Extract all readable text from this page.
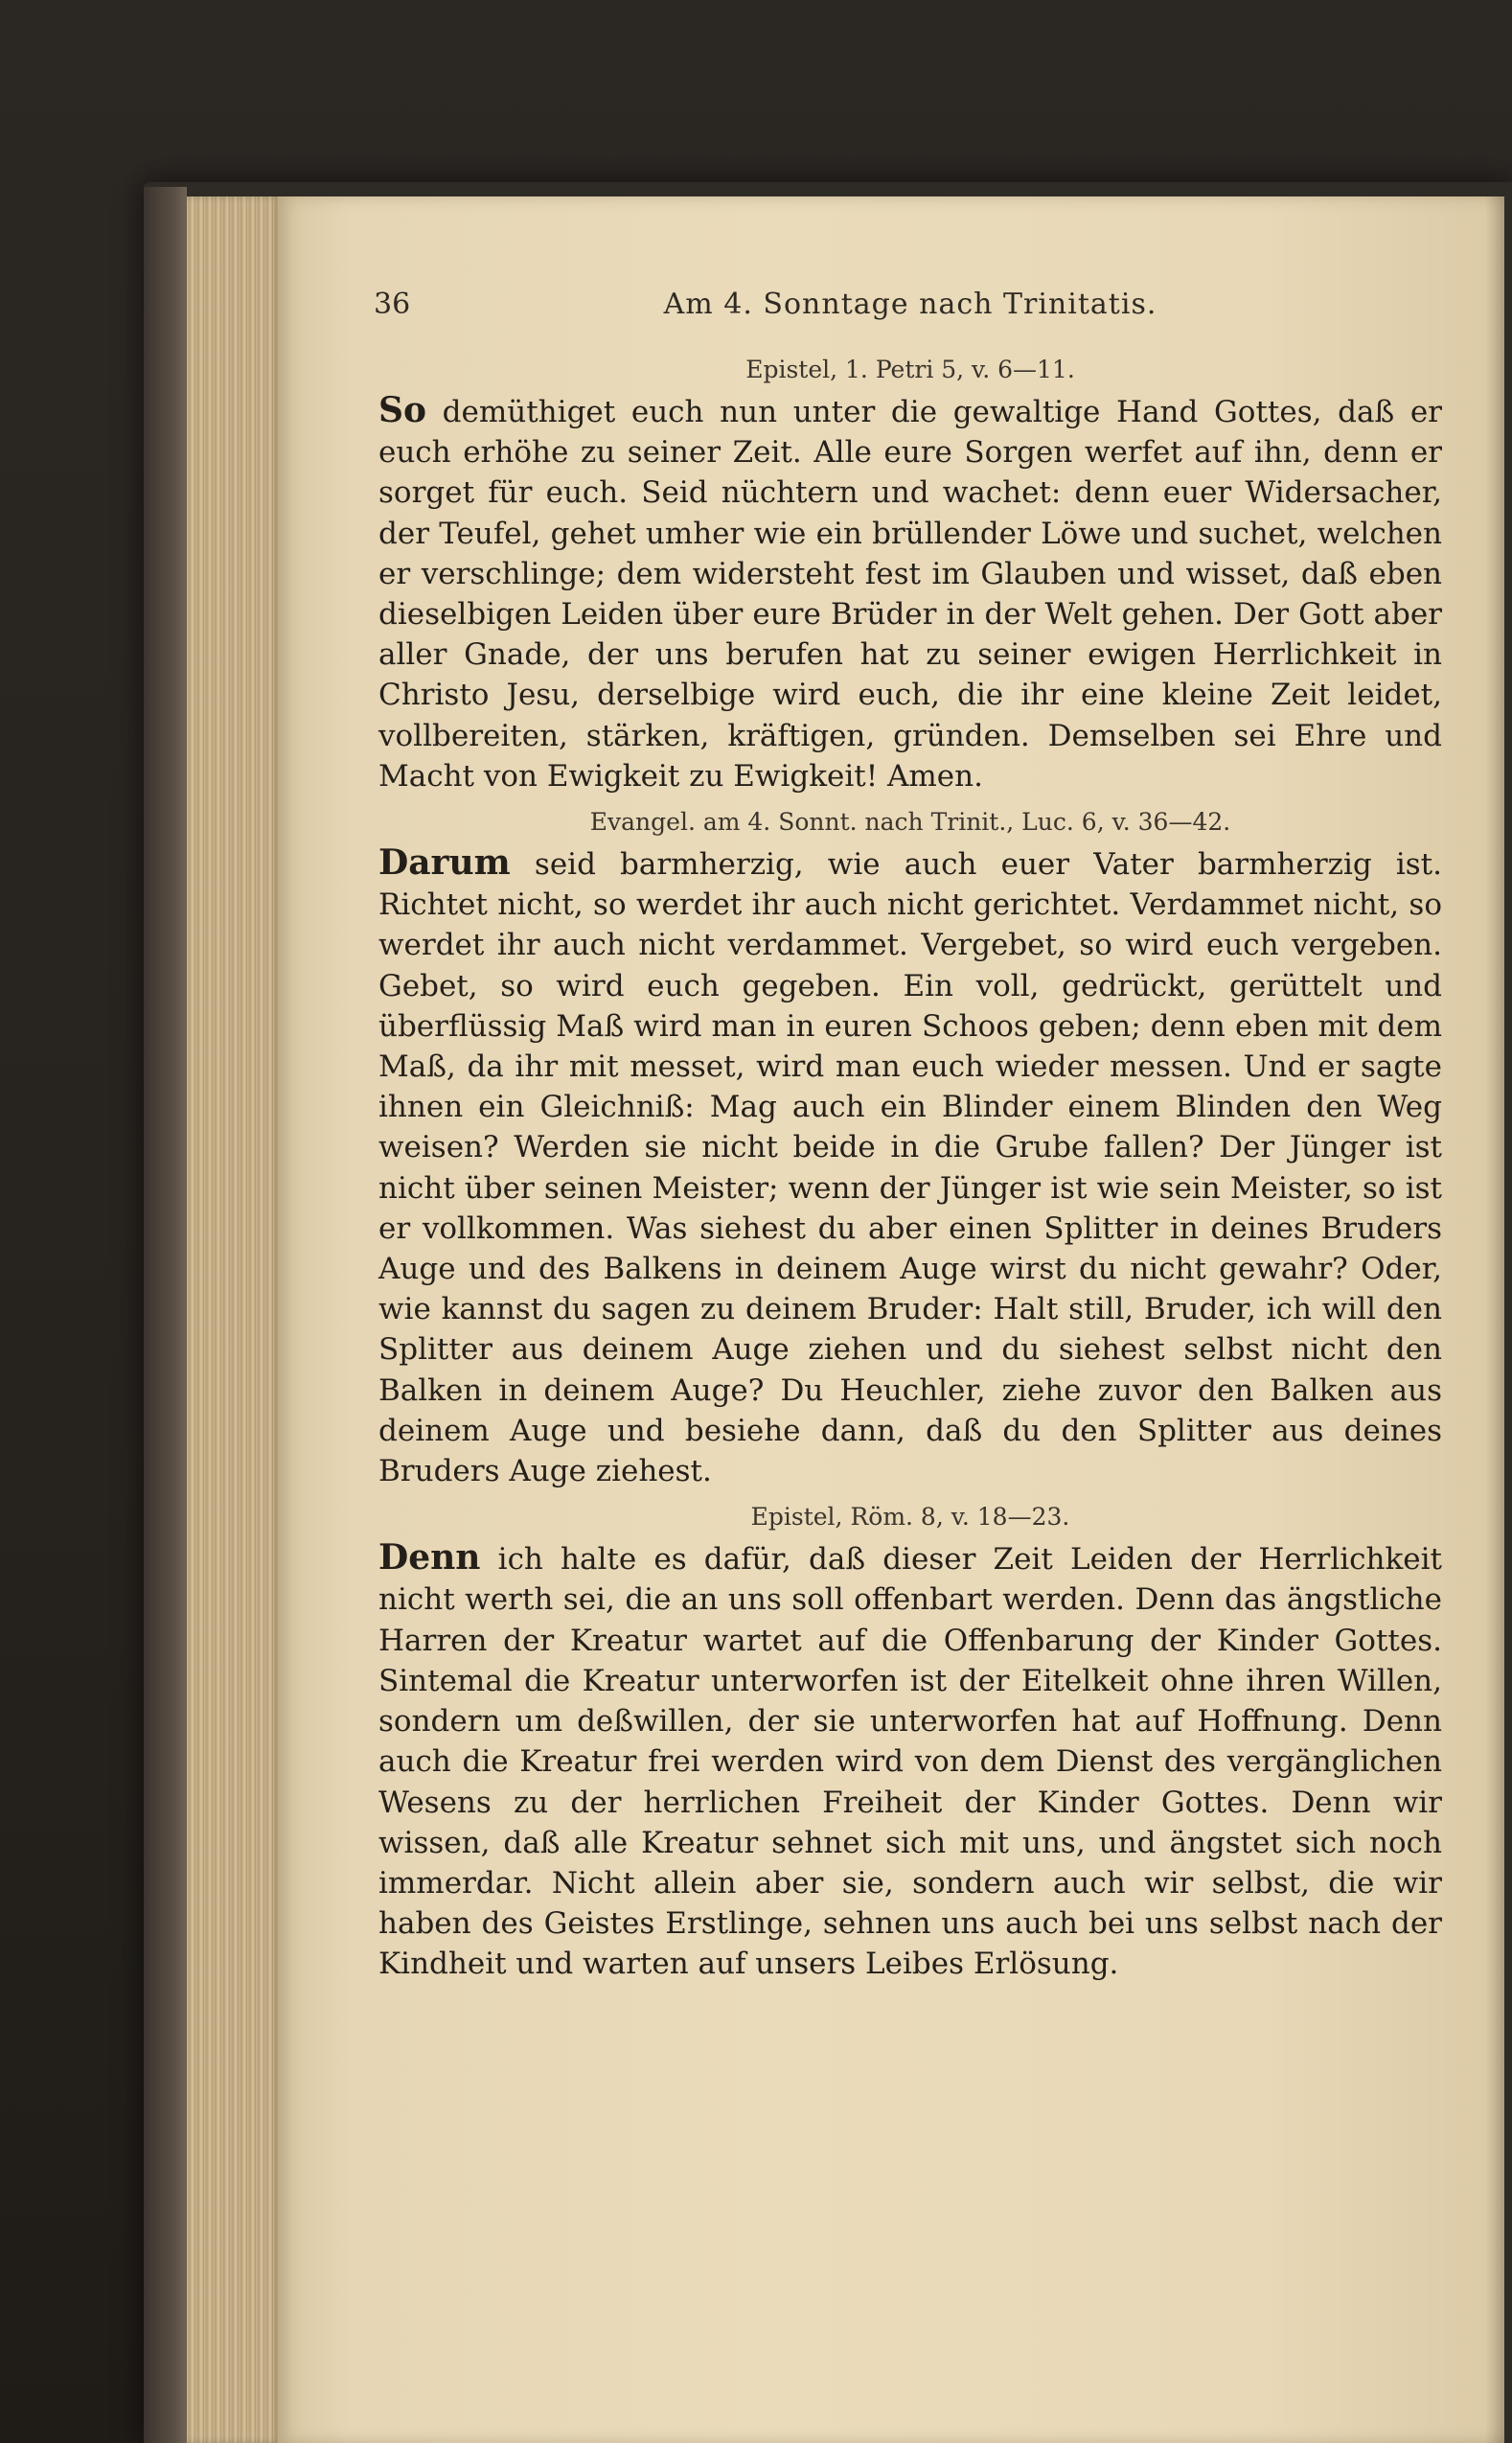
36	Am 4. Sonntage nach Trinitatis.

Epistel, 1. Petri 5, v. 6—11.

So demüthiget euch nun unter die gewaltige Hand Gottes, daß er euch erhöhe zu seiner Zeit. Alle eure Sorgen werfet auf ihn, denn er sorget für euch. Seid nüchtern und wachet: denn euer Widersacher, der Teufel, gehet umher wie ein brüllender Löwe und suchet, welchen er verschlinge; dem widersteht fest im Glauben und wisset, daß eben dieselbigen Leiden über eure Brüder in der Welt gehen. Der Gott aber aller Gnade, der uns berufen hat zu seiner ewigen Herrlichkeit in Christo Jesu, derselbige wird euch, die ihr eine kleine Zeit leidet, vollbereiten, stärken, kräftigen, gründen. Demselben sei Ehre und Macht von Ewigkeit zu Ewigkeit! Amen.

Evangel. am 4. Sonnt. nach Trinit., Luc. 6, v. 36—42.

Darum seid barmherzig, wie auch euer Vater barmherzig ist. Richtet nicht, so werdet ihr auch nicht gerichtet. Verdammet nicht, so werdet ihr auch nicht verdammet. Vergebet, so wird euch vergeben. Gebet, so wird euch gegeben. Ein voll, gedrückt, gerüttelt und überflüssig Maß wird man in euren Schoos geben; denn eben mit dem Maß, da ihr mit messet, wird man euch wieder messen. Und er sagte ihnen ein Gleichniß: Mag auch ein Blinder einem Blinden den Weg weisen? Werden sie nicht beide in die Grube fallen? Der Jünger ist nicht über seinen Meister; wenn der Jünger ist wie sein Meister, so ist er vollkommen. Was siehest du aber einen Splitter in deines Bruders Auge und des Balkens in deinem Auge wirst du nicht gewahr? Oder, wie kannst du sagen zu deinem Bruder: Halt still, Bruder, ich will den Splitter aus deinem Auge ziehen und du siehest selbst nicht den Balken in deinem Auge? Du Heuchler, ziehe zuvor den Balken aus deinem Auge und besiehe dann, daß du den Splitter aus deines Bruders Auge ziehest.

Epistel, Röm. 8, v. 18—23.

Denn ich halte es dafür, daß dieser Zeit Leiden der Herrlichkeit nicht werth sei, die an uns soll offenbart werden. Denn das ängstliche Harren der Kreatur wartet auf die Offenbarung der Kinder Gottes. Sintemal die Kreatur unterworfen ist der Eitelkeit ohne ihren Willen, sondern um deßwillen, der sie unterworfen hat auf Hoffnung. Denn auch die Kreatur frei werden wird von dem Dienst des vergänglichen Wesens zu der herrlichen Freiheit der Kinder Gottes. Denn wir wissen, daß alle Kreatur sehnet sich mit uns, und ängstet sich noch immerdar. Nicht allein aber sie, sondern auch wir selbst, die wir haben des Geistes Erstlinge, sehnen uns auch bei uns selbst nach der Kindheit und warten auf unsers Leibes Erlösung.
